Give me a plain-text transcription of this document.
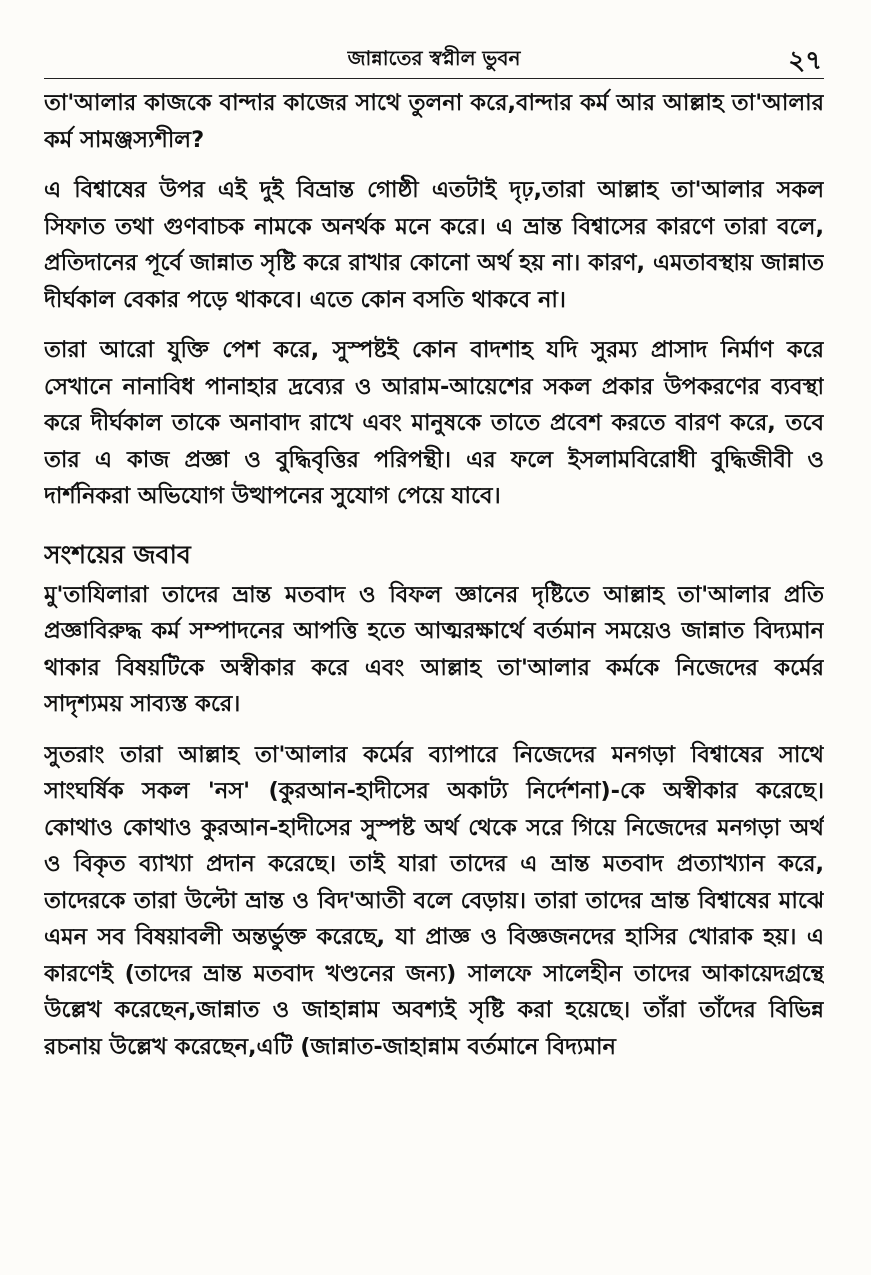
জান্নাতের স্বপ্নীল ভুবন	২৭

তা'আলার কাজকে বান্দার কাজের সাথে তুলনা করে,বান্দার কর্ম আর আল্লাহ তা'আলার কর্ম সামঞ্জস্যশীল?

এ বিশ্বাষের উপর এই দুই বিভ্রান্ত গোষ্ঠী এতটাই দৃঢ়,তারা আল্লাহ তা'আলার সকল সিফাত তথা গুণবাচক নামকে অনর্থক মনে করে। এ ভ্রান্ত বিশ্বাসের কারণে তারা বলে, প্রতিদানের পূর্বে জান্নাত সৃষ্টি করে রাখার কোনো অর্থ হয় না। কারণ, এমতাবস্থায় জান্নাত দীর্ঘকাল বেকার পড়ে থাকবে। এতে কোন বসতি থাকবে না।

তারা আরো যুক্তি পেশ করে, সুস্পষ্টই কোন বাদশাহ যদি সুরম্য প্রাসাদ নির্মাণ করে সেখানে নানাবিধ পানাহার দ্রব্যের ও আরাম-আয়েশের সকল প্রকার উপকরণের ব্যবস্থা করে দীর্ঘকাল তাকে অনাবাদ রাখে এবং মানুষকে তাতে প্রবেশ করতে বারণ করে, তবে তার এ কাজ প্রজ্ঞা ও বুদ্ধিবৃত্তির পরিপন্থী। এর ফলে ইসলামবিরোধী বুদ্ধিজীবী ও দার্শনিকরা অভিযোগ উত্থাপনের সুযোগ পেয়ে যাবে।

সংশয়ের জবাব

মু'তাযিলারা তাদের ভ্রান্ত মতবাদ ও বিফল জ্ঞানের দৃষ্টিতে আল্লাহ তা'আলার প্রতি প্রজ্ঞাবিরুদ্ধ কর্ম সম্পাদনের আপত্তি হতে আত্মরক্ষার্থে বর্তমান সময়েও জান্নাত বিদ্যমান থাকার বিষয়টিকে অস্বীকার করে এবং আল্লাহ তা'আলার কর্মকে নিজেদের কর্মের সাদৃশ্যময় সাব্যস্ত করে।

সুতরাং তারা আল্লাহ তা'আলার কর্মের ব্যাপারে নিজেদের মনগড়া বিশ্বাষের সাথে সাংঘর্ষিক সকল 'নস' (কুরআন-হাদীসের অকাট্য নির্দেশনা)-কে অস্বীকার করেছে। কোথাও কোথাও কুরআন-হাদীসের সুস্পষ্ট অর্থ থেকে সরে গিয়ে নিজেদের মনগড়া অর্থ ও বিকৃত ব্যাখ্যা প্রদান করেছে। তাই যারা তাদের এ ভ্রান্ত মতবাদ প্রত্যাখ্যান করে, তাদেরকে তারা উল্টো ভ্রান্ত ও বিদ'আতী বলে বেড়ায়। তারা তাদের ভ্রান্ত বিশ্বাষের মাঝে এমন সব বিষয়াবলী অন্তর্ভুক্ত করেছে, যা প্রাজ্ঞ ও বিজ্ঞজনদের হাসির খোরাক হয়। এ কারণেই (তাদের ভ্রান্ত মতবাদ খণ্ডনের জন্য) সালফে সালেহীন তাদের আকায়েদগ্রন্থে উল্লেখ করেছেন,জান্নাত ও জাহান্নাম অবশ্যই সৃষ্টি করা হয়েছে। তাঁরা তাঁদের বিভিন্ন রচনায় উল্লেখ করেছেন,এটি (জান্নাত-জাহান্নাম বর্তমানে বিদ্যমান
